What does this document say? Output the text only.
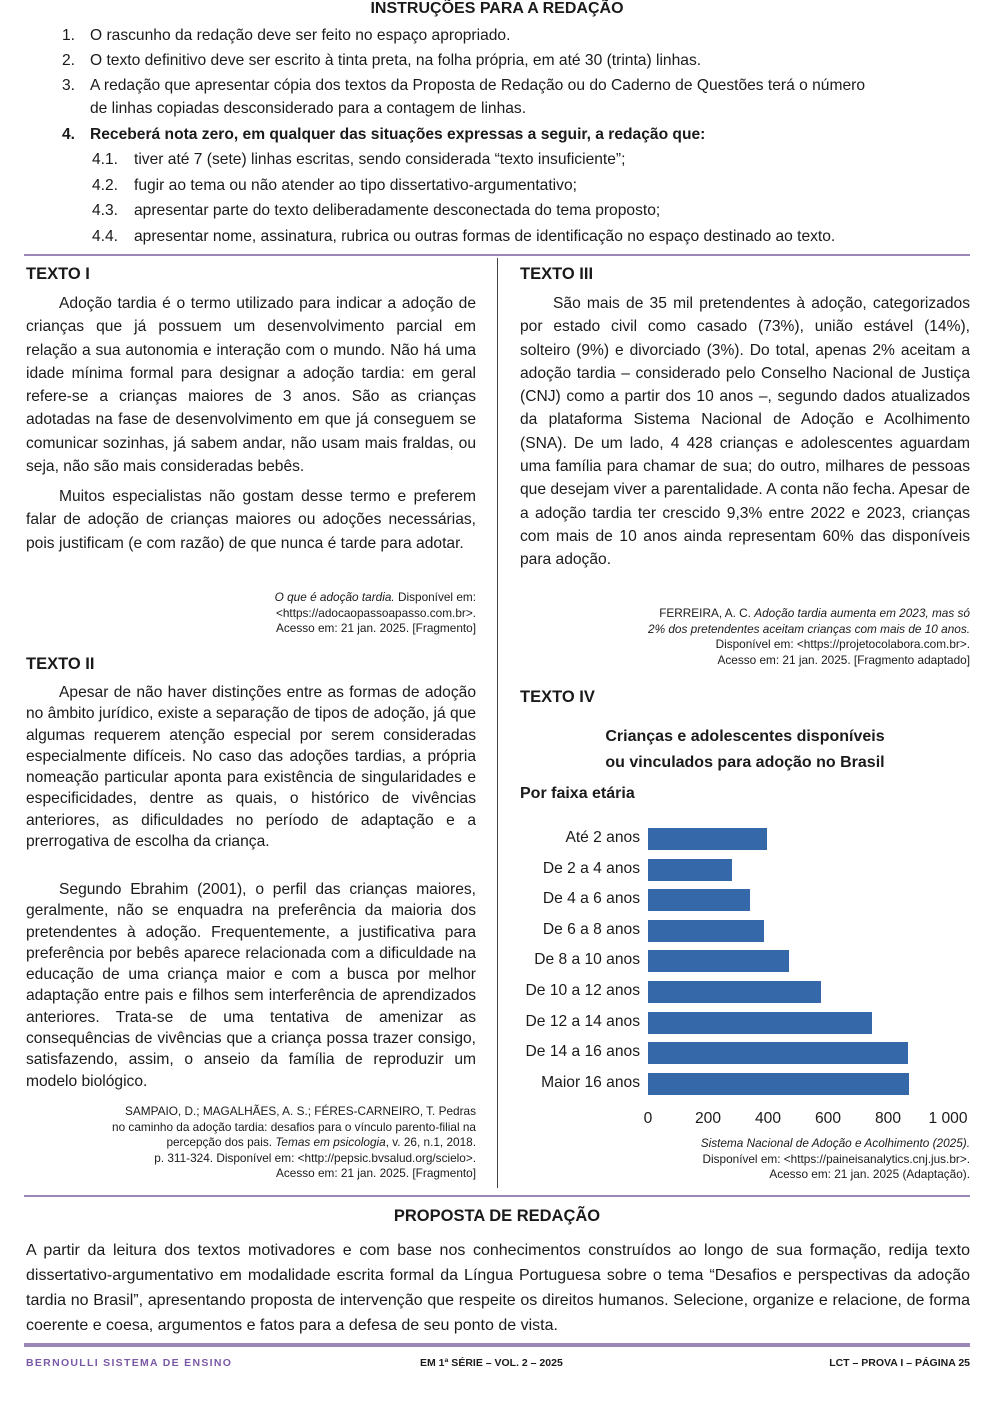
INSTRUÇÕES PARA A REDAÇÃO
1. O rascunho da redação deve ser feito no espaço apropriado.
2. O texto definitivo deve ser escrito à tinta preta, na folha própria, em até 30 (trinta) linhas.
3. A redação que apresentar cópia dos textos da Proposta de Redação ou do Caderno de Questões terá o número
de linhas copiadas desconsiderado para a contagem de linhas.
4. Receberá nota zero, em qualquer das situações expressas a seguir, a redação que:
4.1. tiver até 7 (sete) linhas escritas, sendo considerada “texto insuficiente”;
4.2. fugir ao tema ou não atender ao tipo dissertativo-argumentativo;
4.3. apresentar parte do texto deliberadamente desconectada do tema proposto;
4.4. apresentar nome, assinatura, rubrica ou outras formas de identificação no espaço destinado ao texto.
TEXTO I

Adoção tardia é o termo utilizado para indicar a adoção de crianças que já possuem um desenvolvimento parcial em relação a sua autonomia e interação com o mundo. Não há uma idade mínima formal para designar a adoção tardia: em geral refere-se a crianças maiores de 3 anos. São as crianças adotadas na fase de desenvolvimento em que já conseguem se comunicar sozinhas, já sabem andar, não usam mais fraldas, ou seja, não são mais consideradas bebês.

Muitos especialistas não gostam desse termo e preferem falar de adoção de crianças maiores ou adoções necessárias, pois justificam (e com razão) de que nunca é tarde para adotar.

O que é adoção tardia. Disponível em:
<https://adocaopassoapasso.com.br>.
Acesso em: 21 jan. 2025. [Fragmento]
TEXTO II

Apesar de não haver distinções entre as formas de adoção no âmbito jurídico, existe a separação de tipos de adoção, já que algumas requerem atenção especial por serem consideradas especialmente difíceis. No caso das adoções tardias, a própria nomeação particular aponta para existência de singularidades e especificidades, dentre as quais, o histórico de vivências anteriores, as dificuldades no período de adaptação e a prerrogativa de escolha da criança.

Segundo Ebrahim (2001), o perfil das crianças maiores, geralmente, não se enquadra na preferência da maioria dos pretendentes à adoção. Frequentemente, a justificativa para preferência por bebês aparece relacionada com a dificuldade na educação de uma criança maior e com a busca por melhor adaptação entre pais e filhos sem interferência de aprendizados anteriores. Trata-se de uma tentativa de amenizar as consequências de vivências que a criança possa trazer consigo, satisfazendo, assim, o anseio da família de reproduzir um modelo biológico.

SAMPAIO, D.; MAGALHÃES, A. S.; FÉRES-CARNEIRO, T. Pedras
no caminho da adoção tardia: desafios para o vínculo parento-filial na
percepção dos pais. Temas em psicologia, v. 26, n.1, 2018.
p. 311-324. Disponível em: <http://pepsic.bvsalud.org/scielo>.
Acesso em: 21 jan. 2025. [Fragmento]
TEXTO III

São mais de 35 mil pretendentes à adoção, categorizados por estado civil como casado (73%), união estável (14%), solteiro (9%) e divorciado (3%). Do total, apenas 2% aceitam a adoção tardia – considerado pelo Conselho Nacional de Justiça (CNJ) como a partir dos 10 anos –, segundo dados atualizados da plataforma Sistema Nacional de Adoção e Acolhimento (SNA). De um lado, 4 428 crianças e adolescentes aguardam uma família para chamar de sua; do outro, milhares de pessoas que desejam viver a parentalidade. A conta não fecha. Apesar de a adoção tardia ter crescido 9,3% entre 2022 e 2023, crianças com mais de 10 anos ainda representam 60% das disponíveis para adoção.

FERREIRA, A. C. Adoção tardia aumenta em 2023, mas só
2% dos pretendentes aceitam crianças com mais de 10 anos.
Disponível em: <https://projetocolabora.com.br>.
Acesso em: 21 jan. 2025. [Fragmento adaptado]
TEXTO IV
Crianças e adolescentes disponíveis
ou vinculados para adoção no Brasil
Por faixa etária
Até 2 anos
De 2 a 4 anos
De 4 a 6 anos
De 6 a 8 anos
De 8 a 10 anos
De 10 a 12 anos
De 12 a 14 anos
De 14 a 16 anos
Maior 16 anos
0	200 400 600 800 1 000
Sistema Nacional de Adoção e Acolhimento (2025).
Disponível em: <https://paineisanalytics.cnj.jus.br>.
Acesso em: 21 jan. 2025 (Adaptação).
PROPOSTA DE REDAÇÃO

A partir da leitura dos textos motivadores e com base nos conhecimentos construídos ao longo de sua formação, redija texto dissertativo-argumentativo em modalidade escrita formal da Língua Portuguesa sobre o tema “Desafios e perspectivas da adoção tardia no Brasil”, apresentando proposta de intervenção que respeite os direitos humanos. Selecione, organize e relacione, de forma coerente e coesa, argumentos e fatos para a defesa de seu ponto de vista.

BERNOULLI SISTEMA DE ENSINO	EM 1ª SÉRIE – VOL. 2 – 2025	LCT – PROVA I – PÁGINA 25
